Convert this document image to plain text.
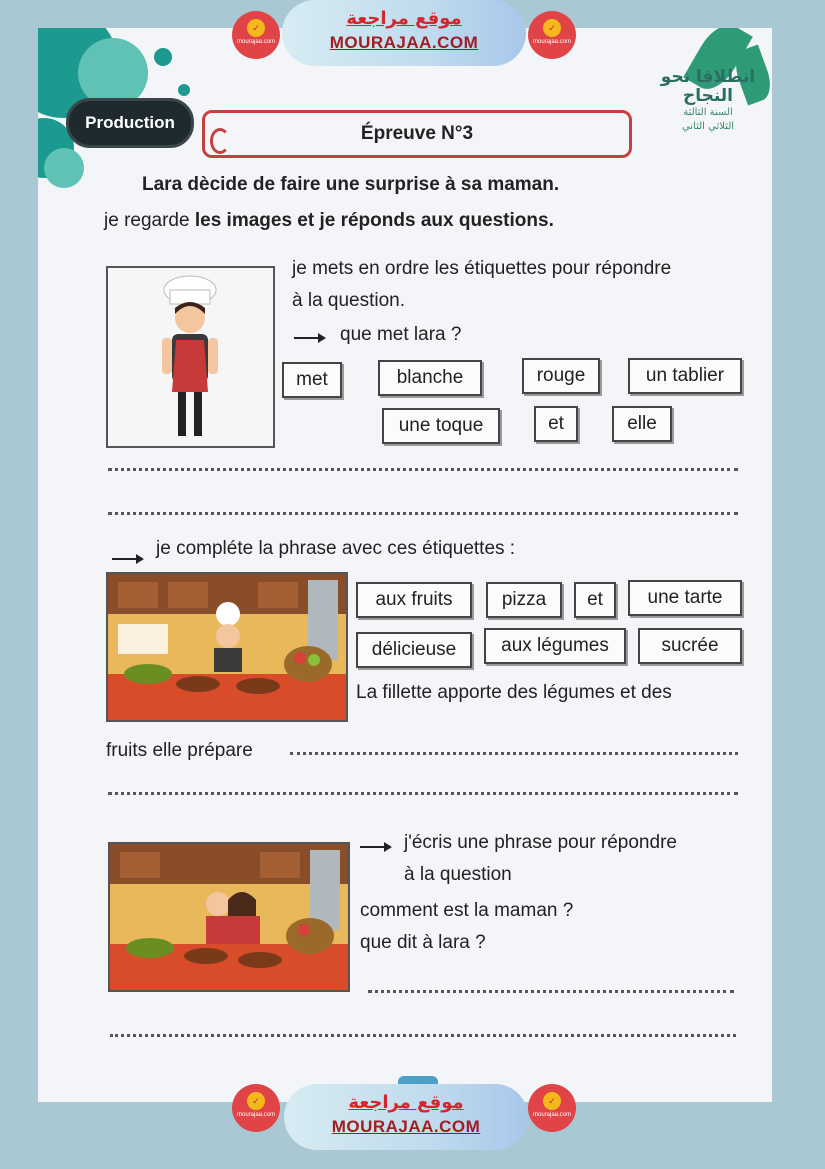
✓
mourajaa.com
موقع مراجعة
MOURAJAA.COM
✓
mourajaa.com
Production
Épreuve N°3
انطلاقا نحو النجاح
السنة الثالثة
الثلاثي الثاني
Lara dècide de faire une surprise à sa maman.
je regarde les images et je réponds aux questions.
je mets en ordre les étiquettes pour répondre
à la question.
que met lara ?
met	blanche	rouge	un tablier
une toque	et	elle
je compléte la phrase avec ces étiquettes :
aux fruits	pizza	et	une tarte
délicieuse	aux légumes	sucrée
La fillette apporte des légumes et des
fruits elle prépare
j'écris une phrase pour répondre
à la question
comment est la maman ?
que dit à lara ?
✓
mourajaa.com
موقع مراجعة
MOURAJAA.COM
✓
mourajaa.com
